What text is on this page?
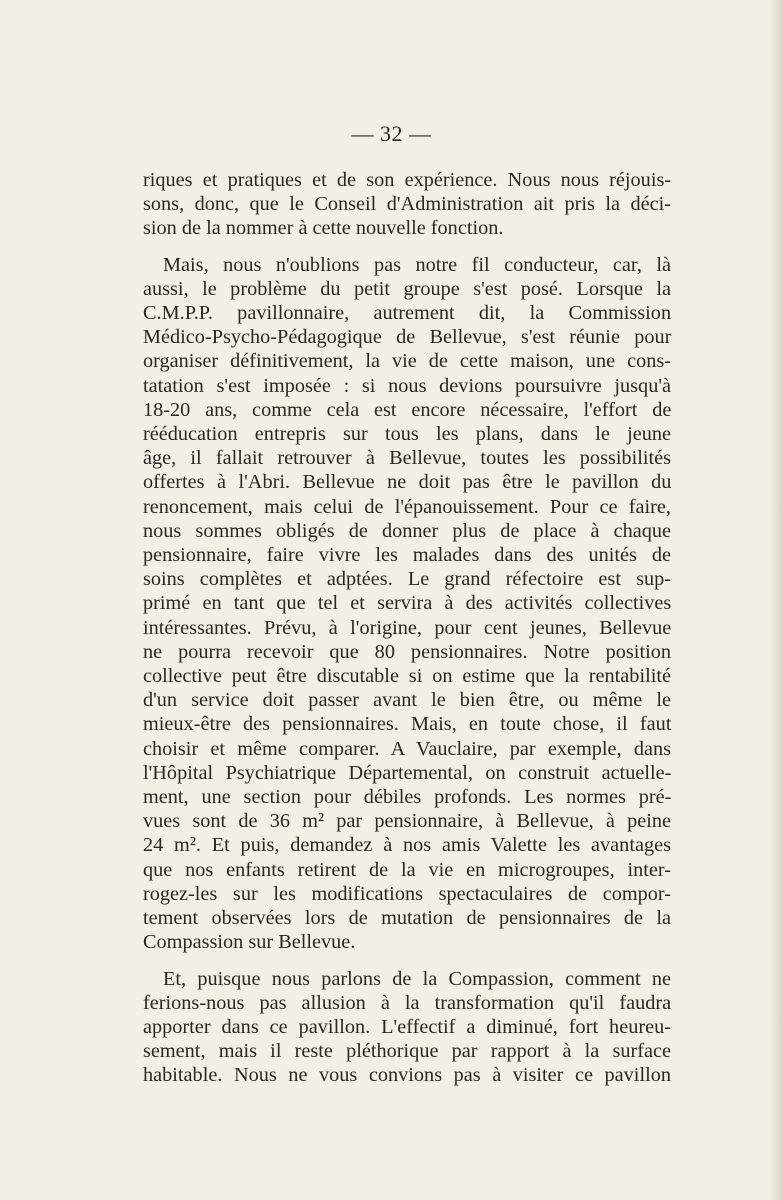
— 32 —

riques et pratiques et de son expérience. Nous nous réjouis-
sons, donc, que le Conseil d'Administration ait pris la déci-
sion de la nommer à cette nouvelle fonction.

Mais, nous n'oublions pas notre fil conducteur, car, là
aussi, le problème du petit groupe s'est posé. Lorsque la
C.M.P.P. pavillonnaire, autrement dit, la Commission
Médico-Psycho-Pédagogique de Bellevue, s'est réunie pour
organiser définitivement, la vie de cette maison, une cons-
tatation s'est imposée : si nous devions poursuivre jusqu'à
18-20 ans, comme cela est encore nécessaire, l'effort de
rééducation entrepris sur tous les plans, dans le jeune
âge, il fallait retrouver à Bellevue, toutes les possibilités
offertes à l'Abri. Bellevue ne doit pas être le pavillon du
renoncement, mais celui de l'épanouissement. Pour ce faire,
nous sommes obligés de donner plus de place à chaque
pensionnaire, faire vivre les malades dans des unités de
soins complètes et adptées. Le grand réfectoire est sup-
primé en tant que tel et servira à des activités collectives
intéressantes. Prévu, à l'origine, pour cent jeunes, Bellevue
ne pourra recevoir que 80 pensionnaires. Notre position
collective peut être discutable si on estime que la rentabilité
d'un service doit passer avant le bien être, ou même le
mieux-être des pensionnaires. Mais, en toute chose, il faut
choisir et même comparer. A Vauclaire, par exemple, dans
l'Hôpital Psychiatrique Départemental, on construit actuelle-
ment, une section pour débiles profonds. Les normes pré-
vues sont de 36 m² par pensionnaire, à Bellevue, à peine
24 m². Et puis, demandez à nos amis Valette les avantages
que nos enfants retirent de la vie en microgroupes, inter-
rogez-les sur les modifications spectaculaires de compor-
tement observées lors de mutation de pensionnaires de la
Compassion sur Bellevue.

Et, puisque nous parlons de la Compassion, comment ne
ferions-nous pas allusion à la transformation qu'il faudra
apporter dans ce pavillon. L'effectif a diminué, fort heureu-
sement, mais il reste pléthorique par rapport à la surface
habitable. Nous ne vous convions pas à visiter ce pavillon
